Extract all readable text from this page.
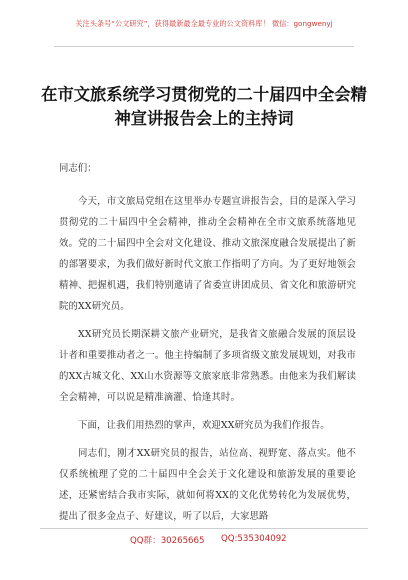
关注头条号“公文研究”，获得最新最全最专业的公文资料库！ 微信：gongwenyj
在市文旅系统学习贯彻党的二十届四中全会精神宣讲报告会上的主持词

同志们：

今天，市文旅局党组在这里举办专题宣讲报告会，目的是深入学习贯彻党的二十届四中全会精神，推动全会精神在全市文旅系统落地见效。党的二十届四中全会对文化建设、推动文旅深度融合发展提出了新的部署要求，为我们做好新时代文旅工作指明了方向。为了更好地领会精神、把握机遇，我们特别邀请了省委宣讲团成员、省文化和旅游研究院的XX研究员。

XX研究员长期深耕文旅产业研究，是我省文旅融合发展的顶层设计者和重要推动者之一。他主持编制了多项省级文旅发展规划，对我市的XX古城文化、XX山水资源等文旅家底非常熟悉。由他来为我们解读全会精神，可以说是精准滴灌、恰逢其时。

下面，让我们用热烈的掌声，欢迎XX研究员为我们作报告。

同志们，刚才XX研究员的报告，站位高、视野宽、落点实。他不仅系统梳理了党的二十届四中全会关于文化建设和旅游发展的重要论述，还紧密结合我市实际，就如何将XX的文化优势转化为发展优势，提出了很多金点子、好建议，听了以后，大家思路

QQ群：30265665 QQ:535304092
